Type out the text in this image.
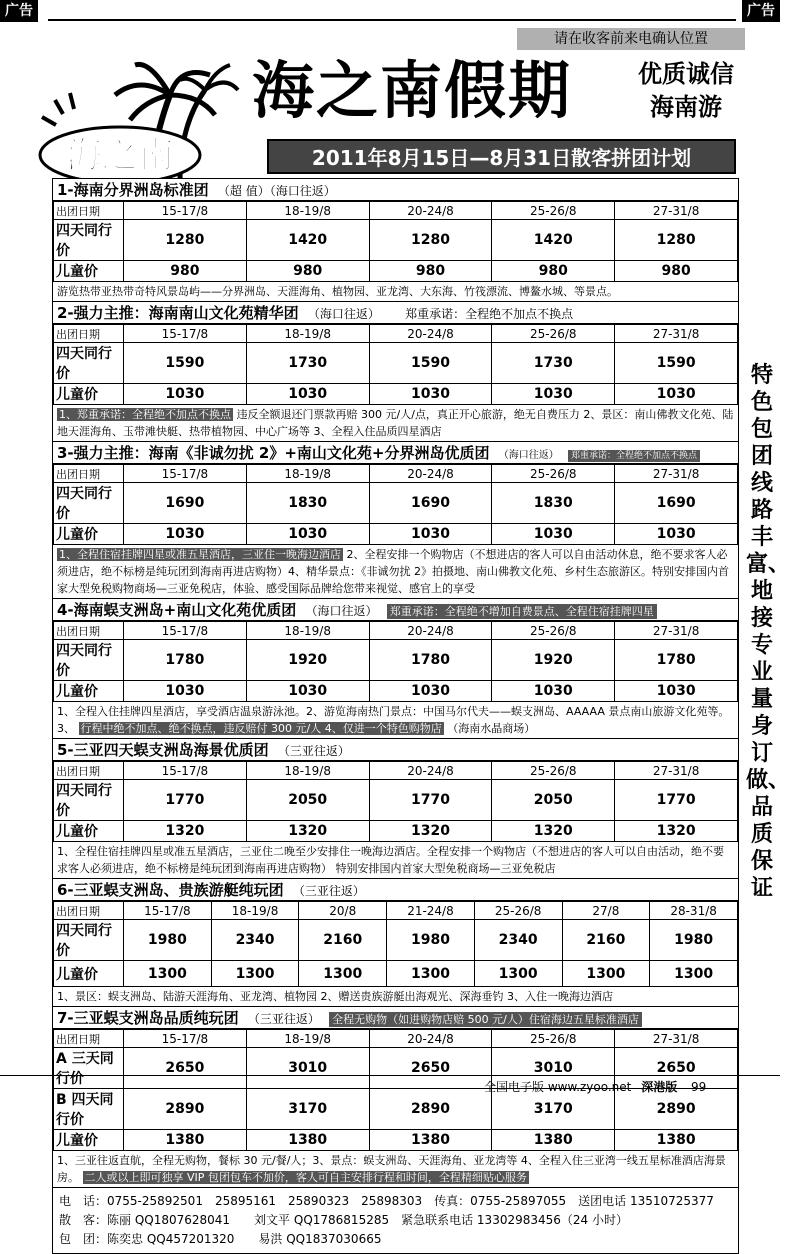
广告	广告
请在收客前来电确认位置
海之南
海之南假期	优质诚信
海南游
2011年8月15日—8月31日散客拼团计划
1-海南分界洲岛标准团 （超 值）（海口往返）
出团日期	15-17/8	18-19/8	20-24/8	25-26/8	27-31/8
四天同行价	1280	1420	1280	1420	1280
儿童价	980	980	980	980	980
游览热带亚热带奇特风景岛屿——分界洲岛、天涯海角、植物园、亚龙湾、大东海、竹筏漂流、博鳌水城、等景点。
2-强力主推：海南南山文化苑精华团 （海口往返） 郑重承诺：全程绝不加点不换点
出团日期	15-17/8	18-19/8	20-24/8	25-26/8	27-31/8
四天同行价	1590	1730	1590	1730	1590
儿童价	1030	1030	1030	1030	1030
1、郑重承诺：全程绝不加点不换点 违反全额退还门票款再赔 300 元/人/点，真正开心旅游，绝无自费压力 2、景区：南山佛教文化苑、陆地天涯海角、玉带滩快艇、热带植物园、中心广场等 3、全程入住品质四星酒店
3-强力主推：海南《非诚勿扰 2》+南山文化苑+分界洲岛优质团 （海口往返） 郑重承诺：全程绝不加点不换点
出团日期	15-17/8	18-19/8	20-24/8	25-26/8	27-31/8
四天同行价	1690	1830	1690	1830	1690
儿童价	1030	1030	1030	1030	1030
1、全程住宿挂牌四星或准五星酒店，三亚住一晚海边酒店 2、全程安排一个购物店（不想进店的客人可以自由活动休息，绝不要求客人必须进店，绝不标榜是纯玩团到海南再进店购物）4、精华景点：《非诚勿扰 2》拍摄地、南山佛教文化苑、乡村生态旅游区。特别安排国内首家大型免税购物商场—三亚免税店，体验、感受国际品牌给您带来视觉、感官上的享受
4-海南蜈支洲岛+南山文化苑优质团 （海口往返） 郑重承诺：全程绝不增加自费景点、全程住宿挂牌四星
出团日期	15-17/8	18-19/8	20-24/8	25-26/8	27-31/8
四天同行价	1780	1920	1780	1920	1780
儿童价	1030	1030	1030	1030	1030
1、全程入住挂牌四星酒店，享受酒店温泉游泳池。2、游览海南热门景点：中国马尔代夫——蜈支洲岛、AAAAA 景点南山旅游文化苑等。3、 行程中绝不加点、绝不换点，违反赔付 300 元/人 4、仅进一个特色购物店 （海南水晶商场）
5-三亚四天蜈支洲岛海景优质团 （三亚往返）
出团日期	15-17/8	18-19/8	20-24/8	25-26/8	27-31/8
四天同行价	1770	2050	1770	2050	1770
儿童价	1320	1320	1320	1320	1320
1、全程住宿挂牌四星或准五星酒店，三亚住二晚至少安排住一晚海边酒店。全程安排一个购物店（不想进店的客人可以自由活动，绝不要求客人必须进店，绝不标榜是纯玩团到海南再进店购物） 特别安排国内首家大型免税商场—三亚免税店
6-三亚蜈支洲岛、贵族游艇纯玩团 （三亚往返）
出团日期	15-17/8	18-19/8	20/8	21-24/8	25-26/8	27/8	28-31/8
四天同行价	1980	2340	2160	1980	2340	2160	1980
儿童价	1300	1300	1300	1300	1300	1300	1300
1、景区：蜈支洲岛、陆游天涯海角、亚龙湾、植物园 2、赠送贵族游艇出海观光、深海垂钓 3、入住一晚海边酒店
7-三亚蜈支洲岛品质纯玩团 （三亚往返） 全程无购物（如进购物店赔 500 元/人）住宿海边五星标准酒店
出团日期	15-17/8	18-19/8	20-24/8	25-26/8	27-31/8
A 三天同行价	2650	3010	2650	3010	2650
B 四天同行价	2890	3170	2890	3170	2890
儿童价	1380	1380	1380	1380	1380
1、三亚往返直航，全程无购物，餐标 30 元/餐/人；3、景点：蜈支洲岛、天涯海角、亚龙湾等 4、全程入住三亚湾一线五星标准酒店海景房。 二人或以上即可独享 VIP 包团包车不加价，客人可自主安排行程和时间，全程精细贴心服务
电　话：0755-25892501　25895161　25890323　25898303　传真：0755-25897055　送团电话 13510725377
散　客：陈丽 QQ1807628041　　刘文平 QQ1786815285　紧急联系电话 13302983456（24 小时）
包　团：陈奕忠 QQ457201320　　易洪 QQ1837030665
特色包团线路丰富、地接专业量身订做、品质保证
全国电子版 www.zyoo.net 深港版 99
